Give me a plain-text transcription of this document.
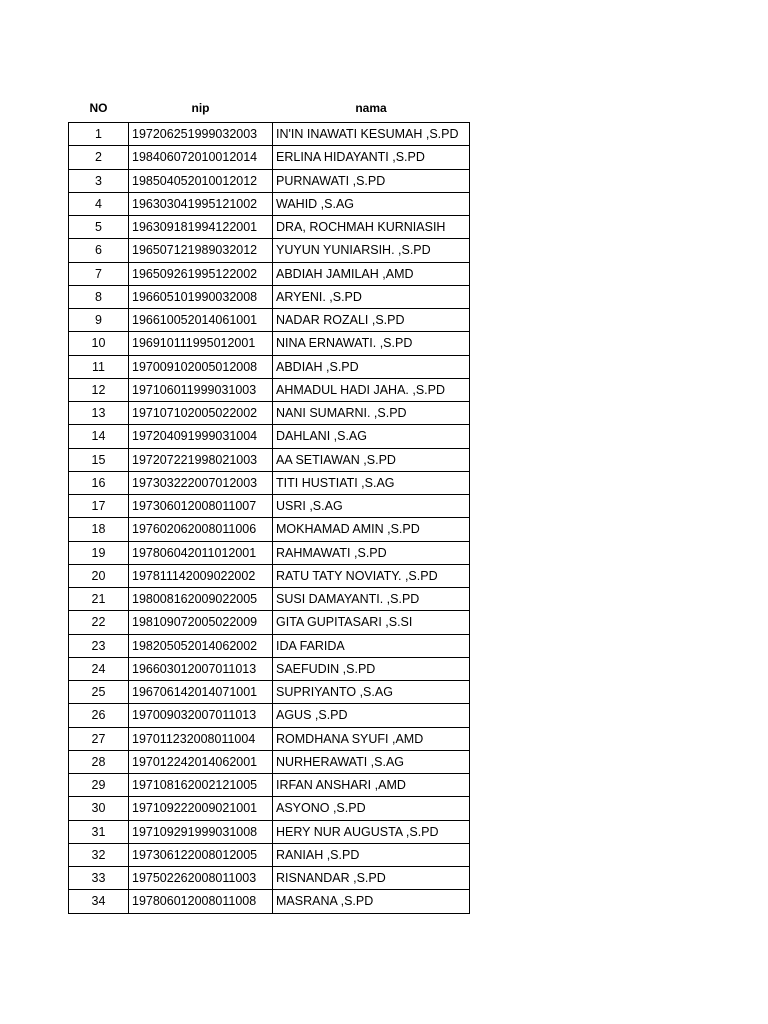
NO	nip	nama
1	197206251999032003	IN'IN INAWATI KESUMAH ,S.PD
2	198406072010012014	ERLINA HIDAYANTI ,S.PD
3	198504052010012012	PURNAWATI ,S.PD
4	196303041995121002	WAHID ,S.AG
5	196309181994122001	DRA, ROCHMAH KURNIASIH
6	196507121989032012	YUYUN YUNIARSIH. ,S.PD
7	196509261995122002	ABDIAH JAMILAH ,AMD
8	196605101990032008	ARYENI. ,S.PD
9	196610052014061001	NADAR ROZALI ,S.PD
10	196910111995012001	NINA ERNAWATI. ,S.PD
11	197009102005012008	ABDIAH ,S.PD
12	197106011999031003	AHMADUL HADI JAHA. ,S.PD
13	197107102005022002	NANI SUMARNI. ,S.PD
14	197204091999031004	DAHLANI ,S.AG
15	197207221998021003	AA SETIAWAN ,S.PD
16	197303222007012003	TITI HUSTIATI ,S.AG
17	197306012008011007	USRI ,S.AG
18	197602062008011006	MOKHAMAD AMIN ,S.PD
19	197806042011012001	RAHMAWATI ,S.PD
20	197811142009022002	RATU TATY NOVIATY. ,S.PD
21	198008162009022005	SUSI DAMAYANTI. ,S.PD
22	198109072005022009	GITA GUPITASARI ,S.SI
23	198205052014062002	IDA FARIDA
24	196603012007011013	SAEFUDIN ,S.PD
25	196706142014071001	SUPRIYANTO ,S.AG
26	197009032007011013	AGUS ,S.PD
27	197011232008011004	ROMDHANA SYUFI ,AMD
28	197012242014062001	NURHERAWATI ,S.AG
29	197108162002121005	IRFAN ANSHARI ,AMD
30	197109222009021001	ASYONO ,S.PD
31	197109291999031008	HERY NUR AUGUSTA ,S.PD
32	197306122008012005	RANIAH ,S.PD
33	197502262008011003	RISNANDAR ,S.PD
34	197806012008011008	MASRANA ,S.PD
